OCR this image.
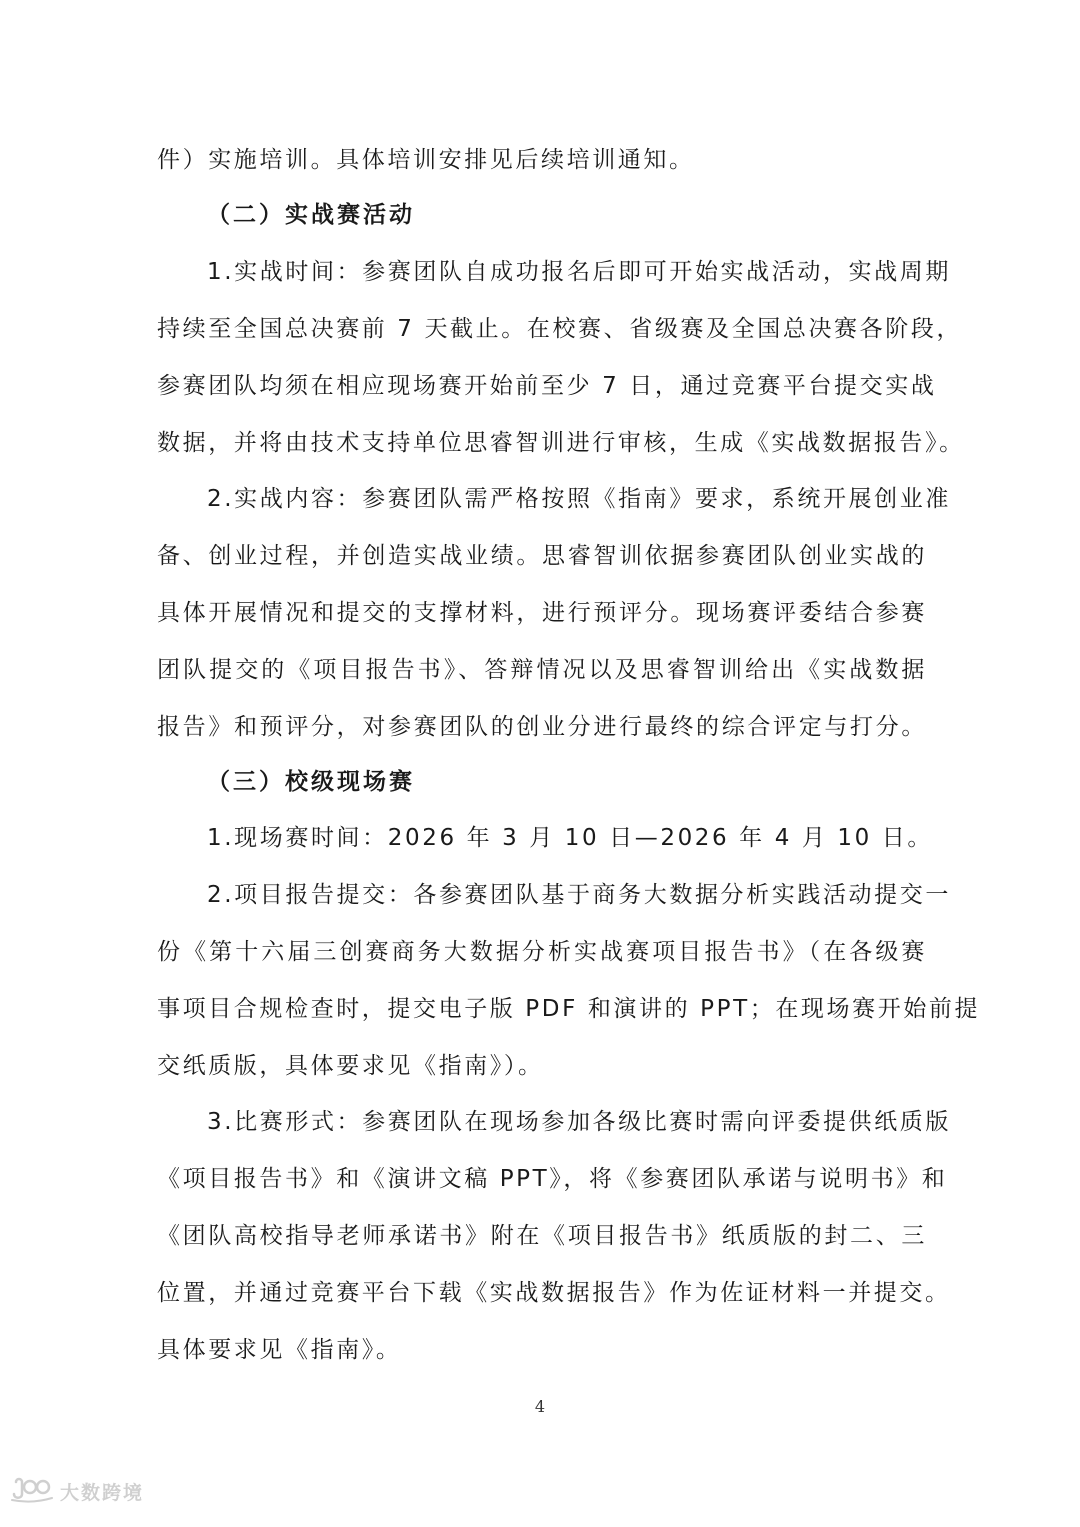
件）实施培训。具体培训安排见后续培训通知。
（二）实战赛活动
1.实战时间：参赛团队自成功报名后即可开始实战活动，实战周期
持续至全国总决赛前 7 天截止。在校赛、省级赛及全国总决赛各阶段，
参赛团队均须在相应现场赛开始前至少 7 日，通过竞赛平台提交实战
数据，并将由技术支持单位思睿智训进行审核，生成《实战数据报告》。
2.实战内容：参赛团队需严格按照《指南》要求，系统开展创业准
备、创业过程，并创造实战业绩。思睿智训依据参赛团队创业实战的
具体开展情况和提交的支撑材料，进行预评分。现场赛评委结合参赛
团队提交的《项目报告书》、答辩情况以及思睿智训给出《实战数据
报告》和预评分，对参赛团队的创业分进行最终的综合评定与打分。
（三）校级现场赛
1.现场赛时间：2026 年 3 月 10 日—2026 年 4 月 10 日。
2.项目报告提交：各参赛团队基于商务大数据分析实践活动提交一
份《第十六届三创赛商务大数据分析实战赛项目报告书》（在各级赛
事项目合规检查时，提交电子版 PDF 和演讲的 PPT；在现场赛开始前提
交纸质版，具体要求见《指南》）。
3.比赛形式：参赛团队在现场参加各级比赛时需向评委提供纸质版
《项目报告书》和《演讲文稿 PPT》，将《参赛团队承诺与说明书》和
《团队高校指导老师承诺书》附在《项目报告书》纸质版的封二、三
位置，并通过竞赛平台下载《实战数据报告》作为佐证材料一并提交。
具体要求见《指南》。
4
大数跨境
